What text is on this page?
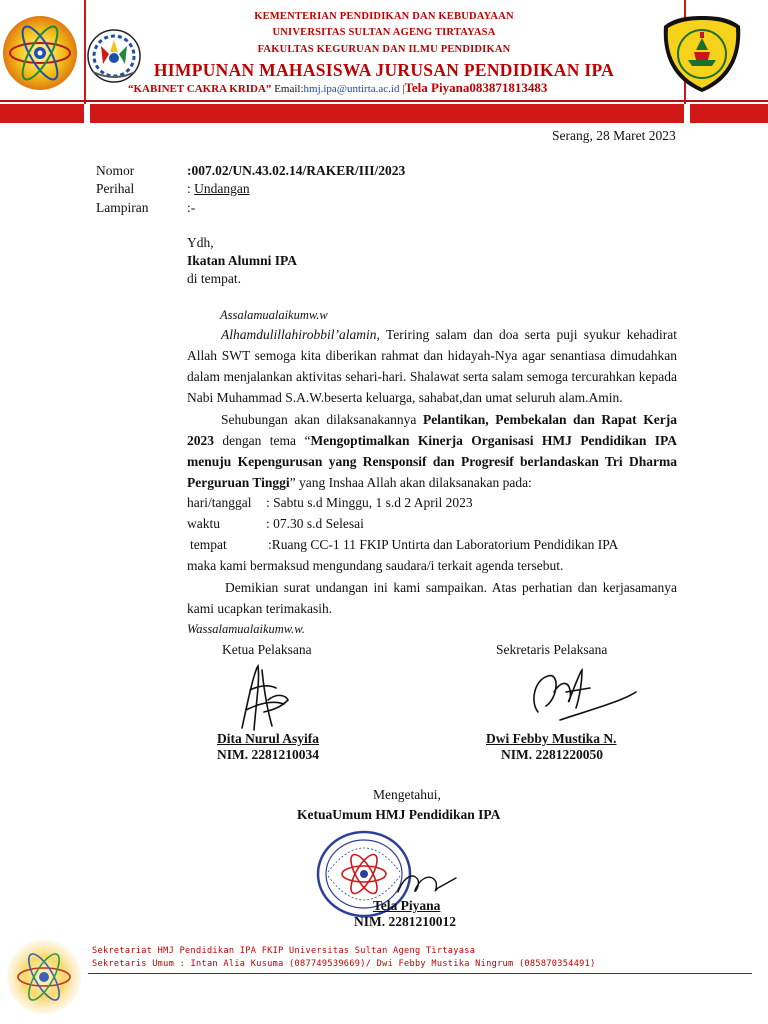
KEMENTERIAN PENDIDIKAN DAN KEBUDAYAAN
UNIVERSITAS SULTAN AGENG TIRTAYASA
FAKULTAS KEGURUAN DAN ILMU PENDIDIKAN
HIMPUNAN MAHASISWA JURUSAN PENDIDIKAN IPA
“KABINET CAKRA KRIDA” Email:hmj.ipa@untirta.ac.id |Tela Piyana083871813483
Serang, 28 Maret 2023
Nomor	:007.02/UN.43.02.14/RAKER/III/2023
Perihal	: Undangan
Lampiran	:-
Ydh,
Ikatan Alumni IPA
di tempat.
Assalamualaikumw.w
Alhamdulillahirobbil’alamin, Teriring salam dan doa serta puji syukur kehadirat Allah SWT semoga kita diberikan rahmat dan hidayah-Nya agar senantiasa dimudahkan dalam menjalankan aktivitas sehari-hari. Shalawat serta salam semoga tercurahkan kepada Nabi Muhammad S.A.W.beserta keluarga, sahabat,dan umat seluruh alam.Amin.
Sehubungan akan dilaksanakannya Pelantikan, Pembekalan dan Rapat Kerja 2023 dengan tema “Mengoptimalkan Kinerja Organisasi HMJ Pendidikan IPA menuju Kepengurusan yang Rensponsif dan Progresif berlandaskan Tri Dharma Perguruan Tinggi” yang Inshaa Allah akan dilaksanakan pada:
hari/tanggal : Sabtu s.d Minggu, 1 s.d 2 April 2023
waktu	: 07.30 s.d Selesai
tempat	:Ruang CC-1 11 FKIP Untirta dan Laboratorium Pendidikan IPA
maka kami bermaksud mengundang saudara/i terkait agenda tersebut.
Demikian surat undangan ini kami sampaikan. Atas perhatian dan kerjasamanya kami ucapkan terimakasih.
Wassalamualaikumw.w.
Ketua Pelaksana	Sekretaris Pelaksana
Dita Nurul Asyifa
NIM. 2281210034
Dwi Febby Mustika N.
NIM. 2281220050
Mengetahui,
KetuaUmum HMJ Pendidikan IPA
Tela Piyana
NIM. 2281210012
Sekretariat HMJ Pendidikan IPA FKIP Universitas Sultan Ageng Tirtayasa
Sekretaris Umum : Intan Alia Kusuma (087749539669)/ Dwi Febby Mustika Ningrum (085870354491)
